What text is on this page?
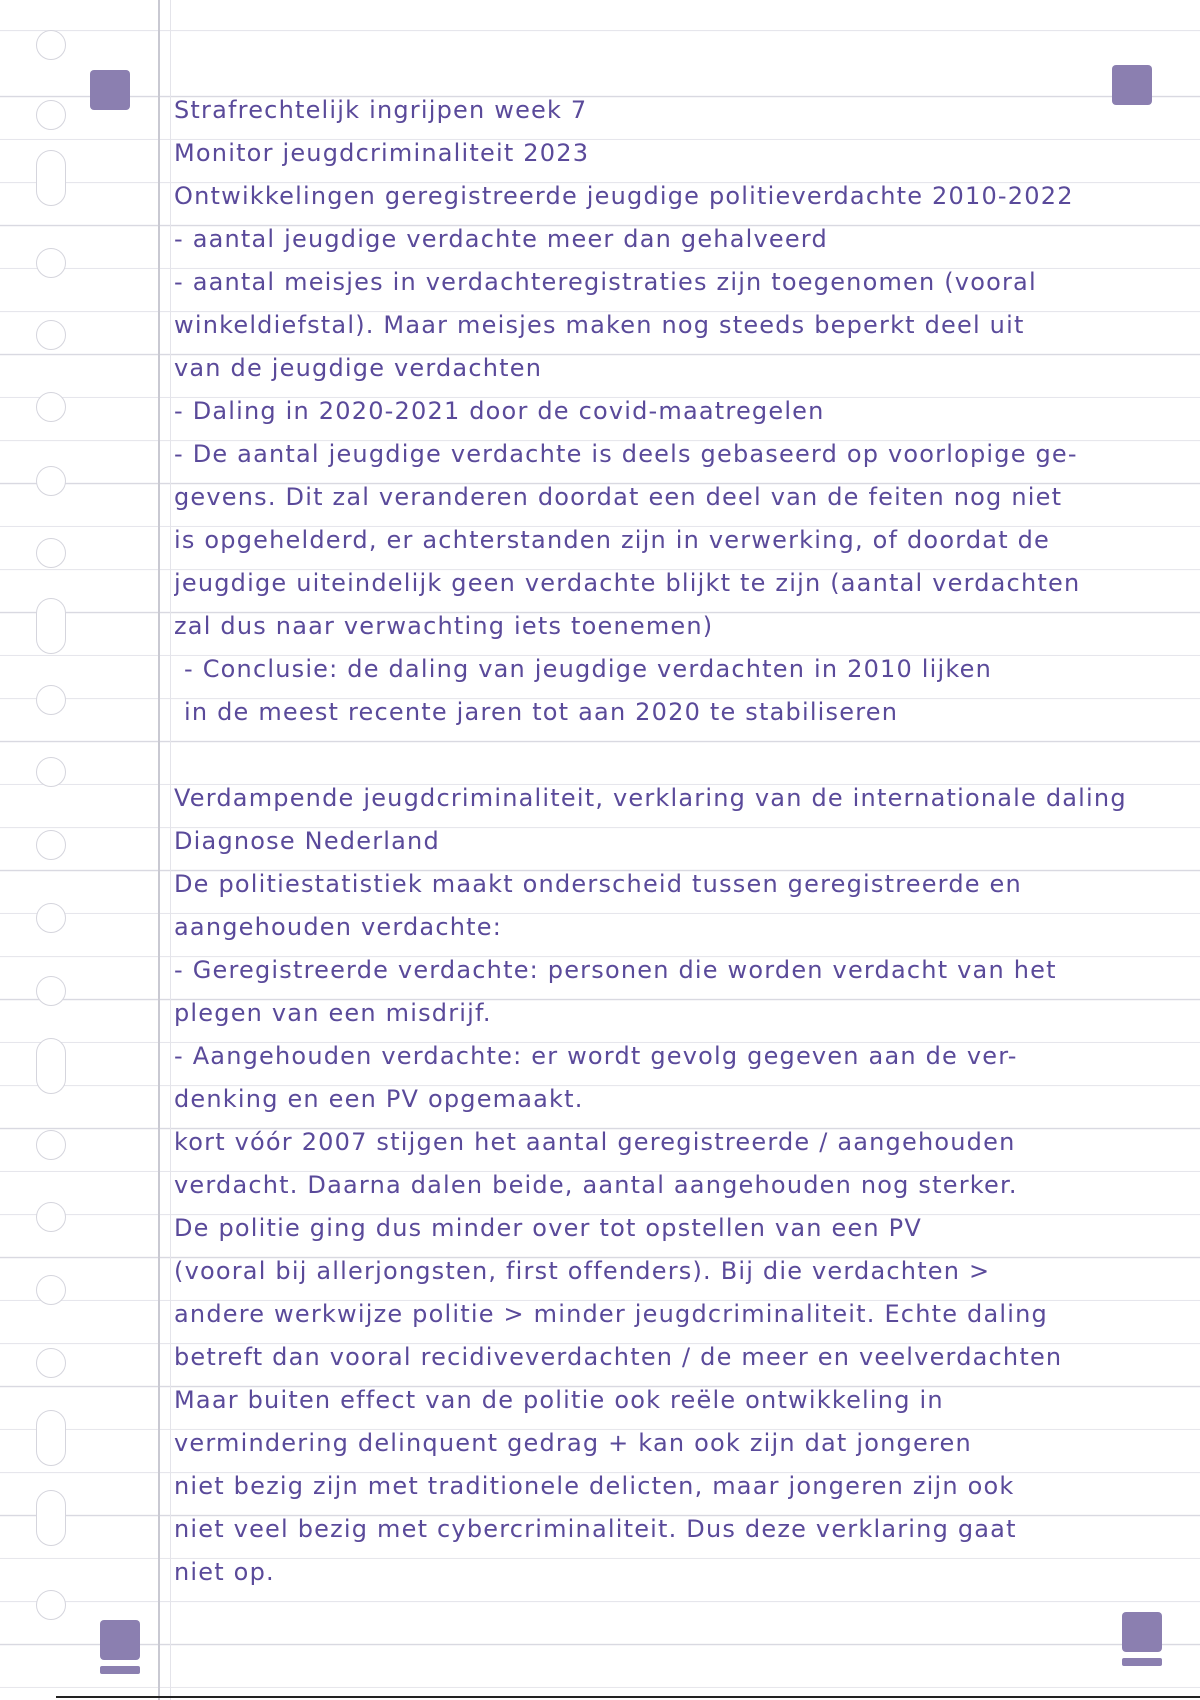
Strafrechtelijk ingrijpen week 7
Monitor jeugdcriminaliteit 2023
Ontwikkelingen geregistreerde jeugdige politieverdachte 2010-2022
- aantal jeugdige verdachte meer dan gehalveerd
- aantal meisjes in verdachteregistraties zijn toegenomen (vooral
winkeldiefstal). Maar meisjes maken nog steeds beperkt deel uit
van de jeugdige verdachten
- Daling in 2020-2021 door de covid-maatregelen
- De aantal jeugdige verdachte is deels gebaseerd op voorlopige ge-
gevens. Dit zal veranderen doordat een deel van de feiten nog niet
is opgehelderd, er achterstanden zijn in verwerking, of doordat de
jeugdige uiteindelijk geen verdachte blijkt te zijn (aantal verdachten
zal dus naar verwachting iets toenemen)
- Conclusie: de daling van jeugdige verdachten in 2010 lijken
in de meest recente jaren tot aan 2020 te stabiliseren
Verdampende jeugdcriminaliteit, verklaring van de internationale daling
Diagnose Nederland
De politiestatistiek maakt onderscheid tussen geregistreerde en
aangehouden verdachte:
- Geregistreerde verdachte: personen die worden verdacht van het
plegen van een misdrijf.
- Aangehouden verdachte: er wordt gevolg gegeven aan de ver-
denking en een PV opgemaakt.
kort vóór 2007 stijgen het aantal geregistreerde / aangehouden
verdacht. Daarna dalen beide, aantal aangehouden nog sterker.
De politie ging dus minder over tot opstellen van een PV
(vooral bij allerjongsten, first offenders). Bij die verdachten >
andere werkwijze politie > minder jeugdcriminaliteit. Echte daling
betreft dan vooral recidiveverdachten / de meer en veelverdachten
Maar buiten effect van de politie ook reële ontwikkeling in
vermindering delinquent gedrag + kan ook zijn dat jongeren
niet bezig zijn met traditionele delicten, maar jongeren zijn ook
niet veel bezig met cybercriminaliteit. Dus deze verklaring gaat
niet op.
